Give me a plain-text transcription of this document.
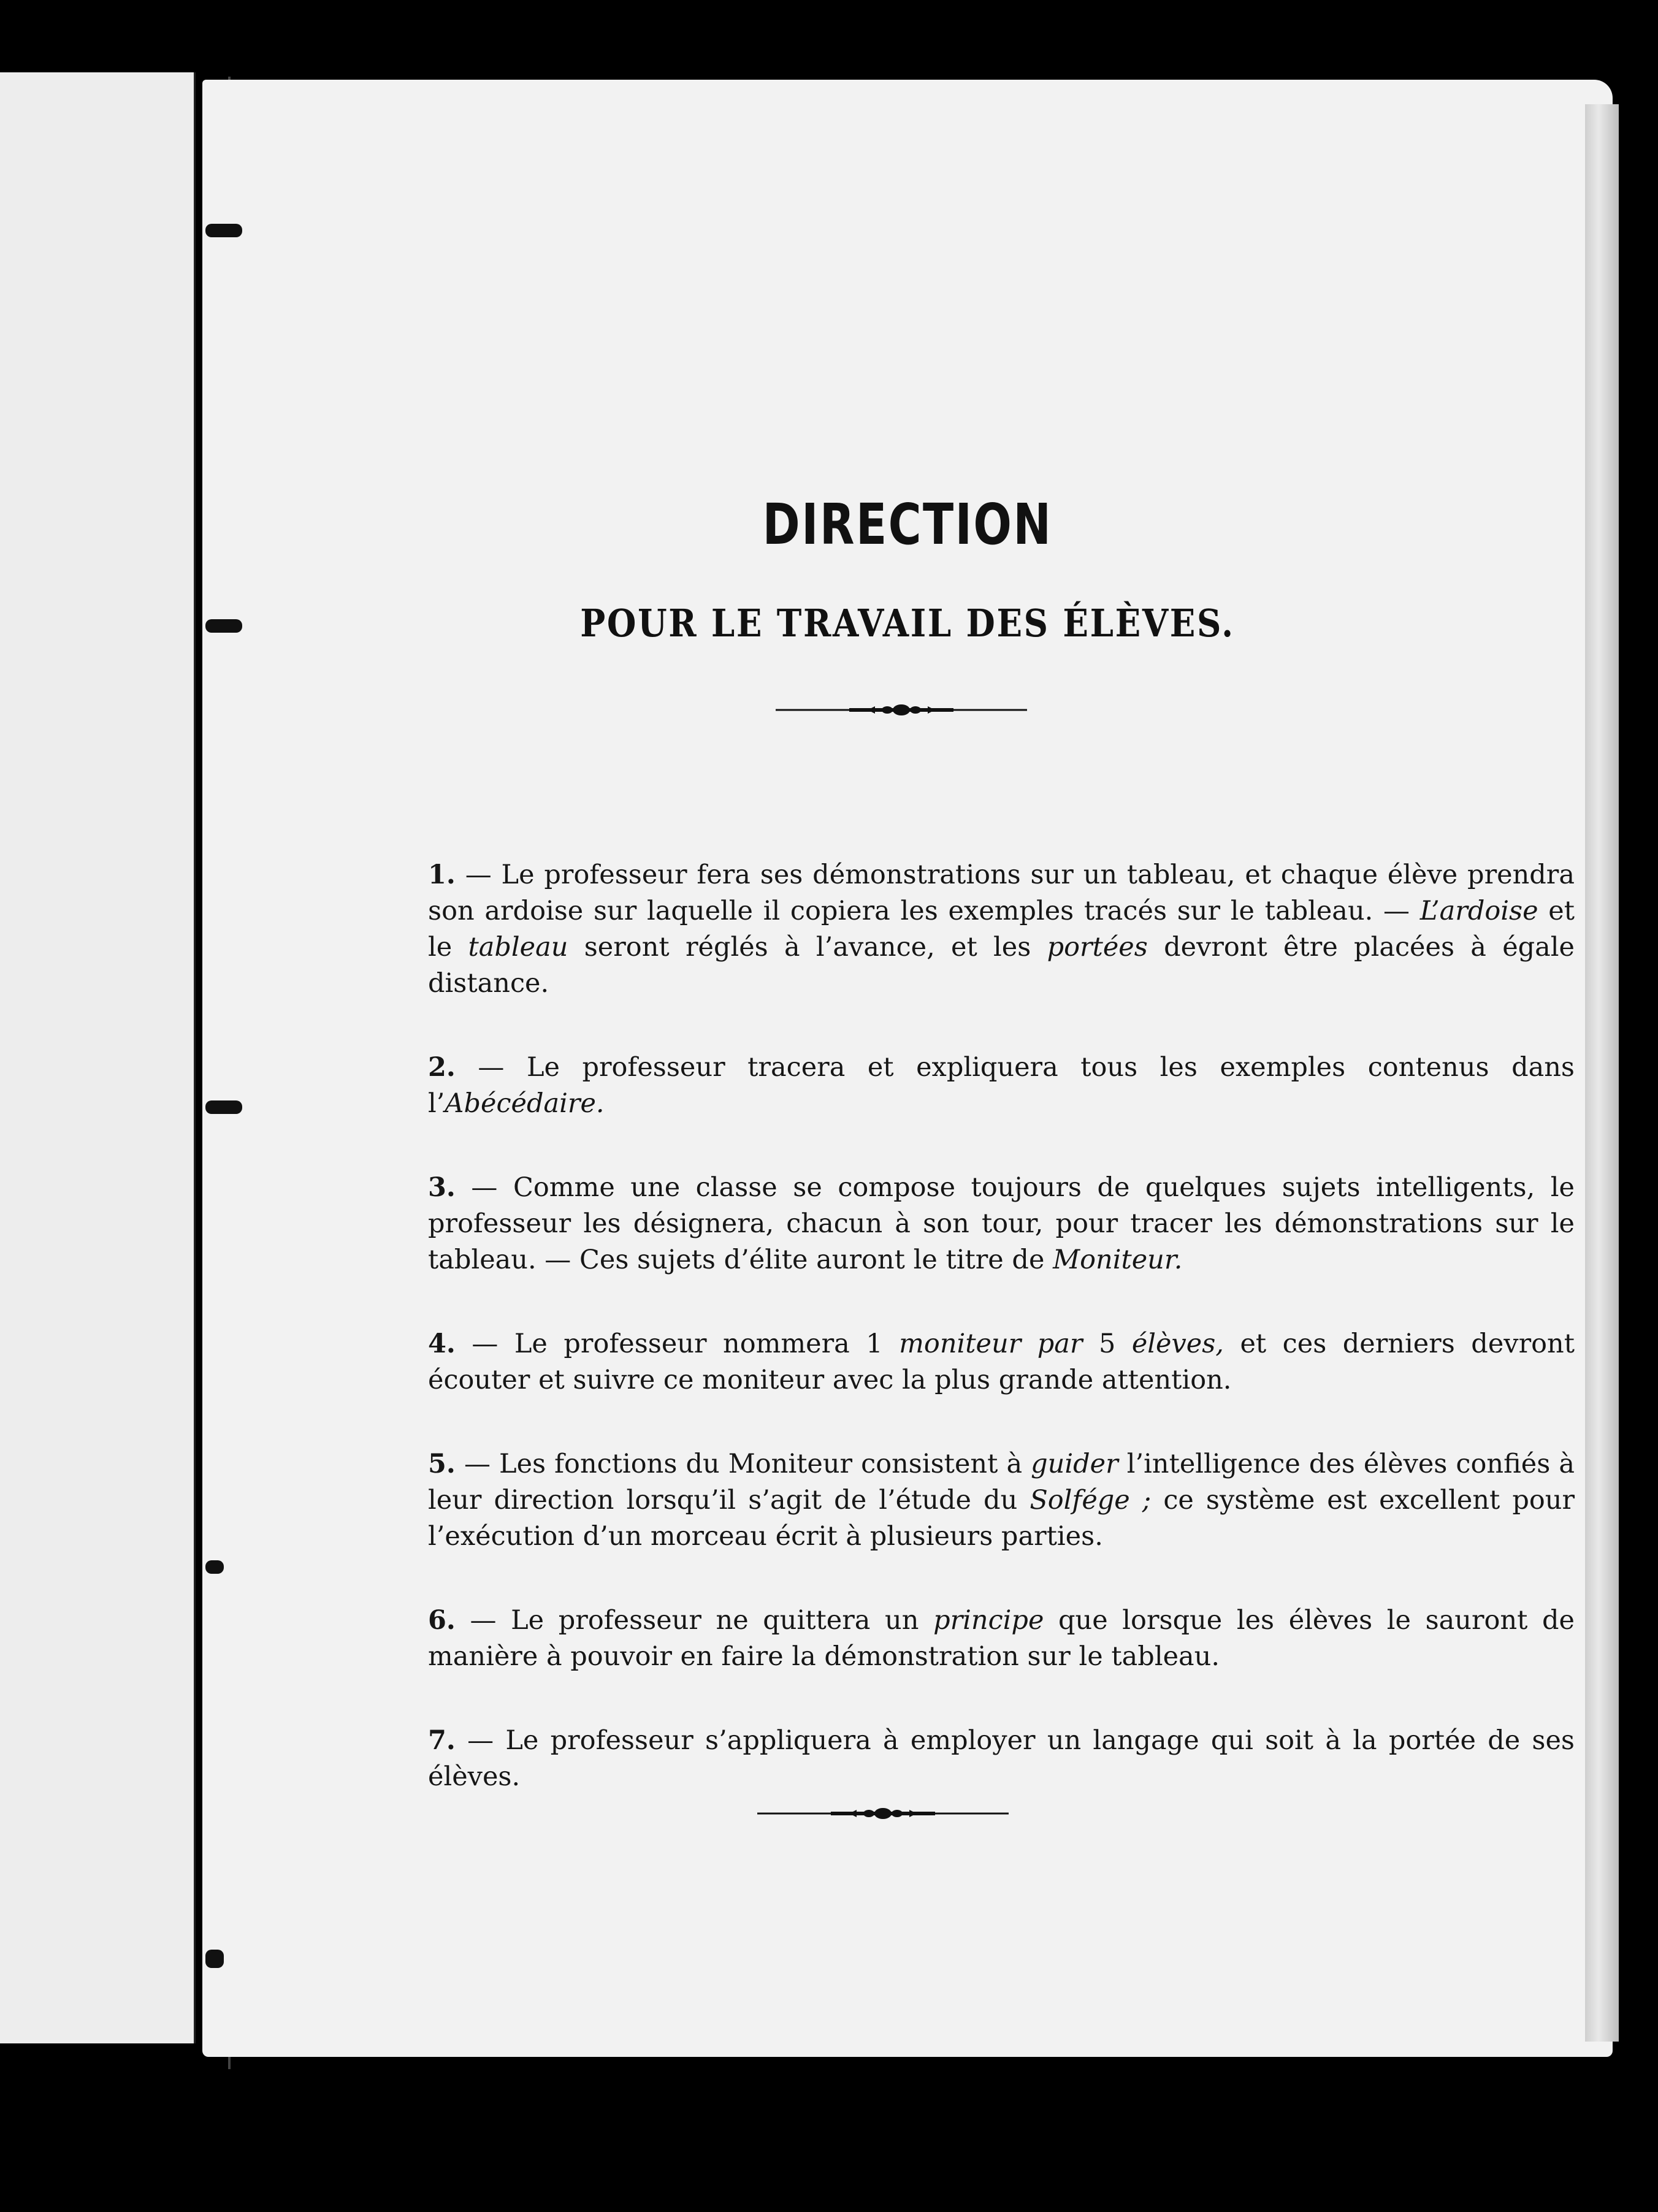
DIRECTION
POUR LE TRAVAIL DES ÉLÈVES.

1. — Le professeur fera ses démonstrations sur un tableau, et chaque élève prendra son ardoise sur laquelle il copiera les exemples tracés sur le tableau. — L’ardoise et le tableau seront réglés à l’avance, et les portées devront être placées à égale distance.

2. — Le professeur tracera et expliquera tous les exemples contenus dans l’Abécédaire.

3. — Comme une classe se compose toujours de quelques sujets intelligents, le professeur les désignera, chacun à son tour, pour tracer les démonstrations sur le tableau. — Ces sujets d’élite auront le titre de Moniteur.

4. — Le professeur nommera 1 moniteur par 5 élèves, et ces derniers devront écouter et suivre ce moniteur avec la plus grande attention.

5. — Les fonctions du Moniteur consistent à guider l’intelligence des élèves confiés à leur direction lorsqu’il s’agit de l’étude du Solfége ; ce système est excellent pour l’exécution d’un morceau écrit à plusieurs parties.

6. — Le professeur ne quittera un principe que lorsque les élèves le sauront de manière à pouvoir en faire la démonstration sur le tableau.

7. — Le professeur s’appliquera à employer un langage qui soit à la portée de ses élèves.
